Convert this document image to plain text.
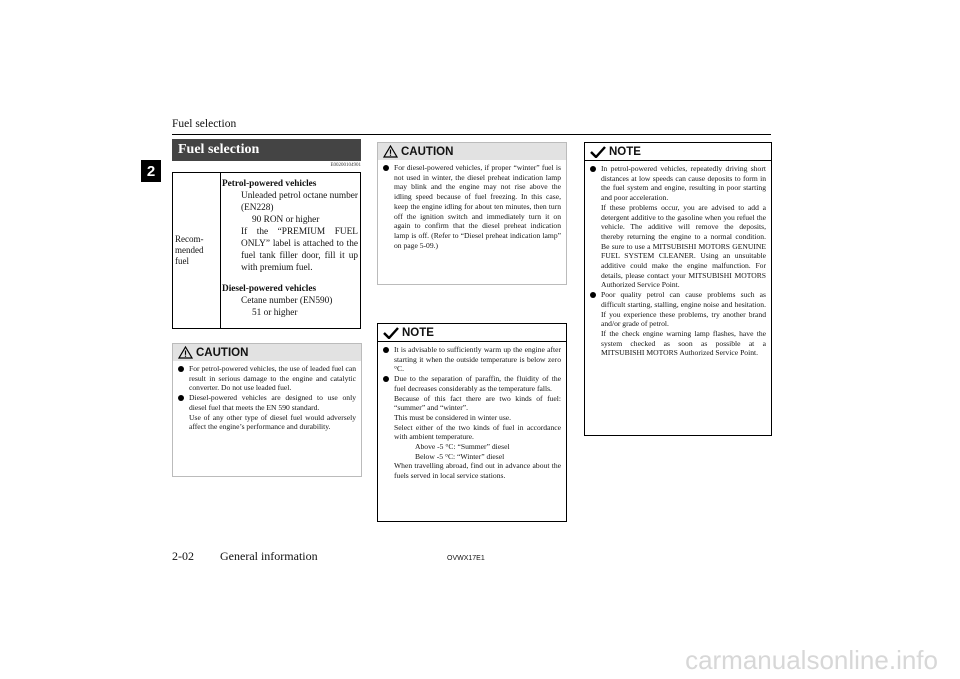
Fuel selection
2
Fuel selection
E00200104901
Recom-
mended
fuel
Petrol-powered vehicles
Unleaded petrol octane number (EN228)
90 RON or higher
If the “PREMIUM FUEL ONLY” label is attached to the fuel tank filler door, fill it up with premium fuel.
Diesel-powered vehicles
Cetane number (EN590)
51 or higher
CAUTION
For petrol-powered vehicles, the use of leaded fuel can result in serious damage to the engine and catalytic converter. Do not use leaded fuel.
Diesel-powered vehicles are designed to use only diesel fuel that meets the EN 590 standard.
Use of any other type of diesel fuel would adversely affect the engine’s performance and durability.
CAUTION
For diesel-powered vehicles, if proper “winter” fuel is not used in winter, the diesel preheat indication lamp may blink and the engine may not rise above the idling speed because of fuel freezing. In this case, keep the engine idling for about ten minutes, then turn off the ignition switch and immediately turn it on again to confirm that the diesel preheat indication lamp is off. (Refer to “Diesel preheat indication lamp” on page 5-09.)
NOTE
It is advisable to sufficiently warm up the engine after starting it when the outside temperature is below zero °C.
Due to the separation of paraffin, the fluidity of the fuel decreases considerably as the temperature falls.
Because of this fact there are two kinds of fuel: “summer” and “winter”.
This must be considered in winter use.
Select either of the two kinds of fuel in accordance with ambient temperature.
Above -5 °C: “Summer” diesel
Below -5 °C: “Winter” diesel
When travelling abroad, find out in advance about the fuels served in local service stations.
NOTE
In petrol-powered vehicles, repeatedly driving short distances at low speeds can cause deposits to form in the fuel system and engine, resulting in poor starting and poor acceleration.
If these problems occur, you are advised to add a detergent additive to the gasoline when you refuel the vehicle. The additive will remove the deposits, thereby returning the engine to a normal condition. Be sure to use a MITSUBISHI MOTORS GENUINE FUEL SYSTEM CLEANER. Using an unsuitable additive could make the engine malfunction. For details, please contact your MITSUBISHI MOTORS Authorized Service Point.
Poor quality petrol can cause problems such as difficult starting, stalling, engine noise and hesitation. If you experience these problems, try another brand and/or grade of petrol.
If the check engine warning lamp flashes, have the system checked as soon as possible at a MITSUBISHI MOTORS Authorized Service Point.
2-02 General information	OVWX17E1
carmanualsonline.info
